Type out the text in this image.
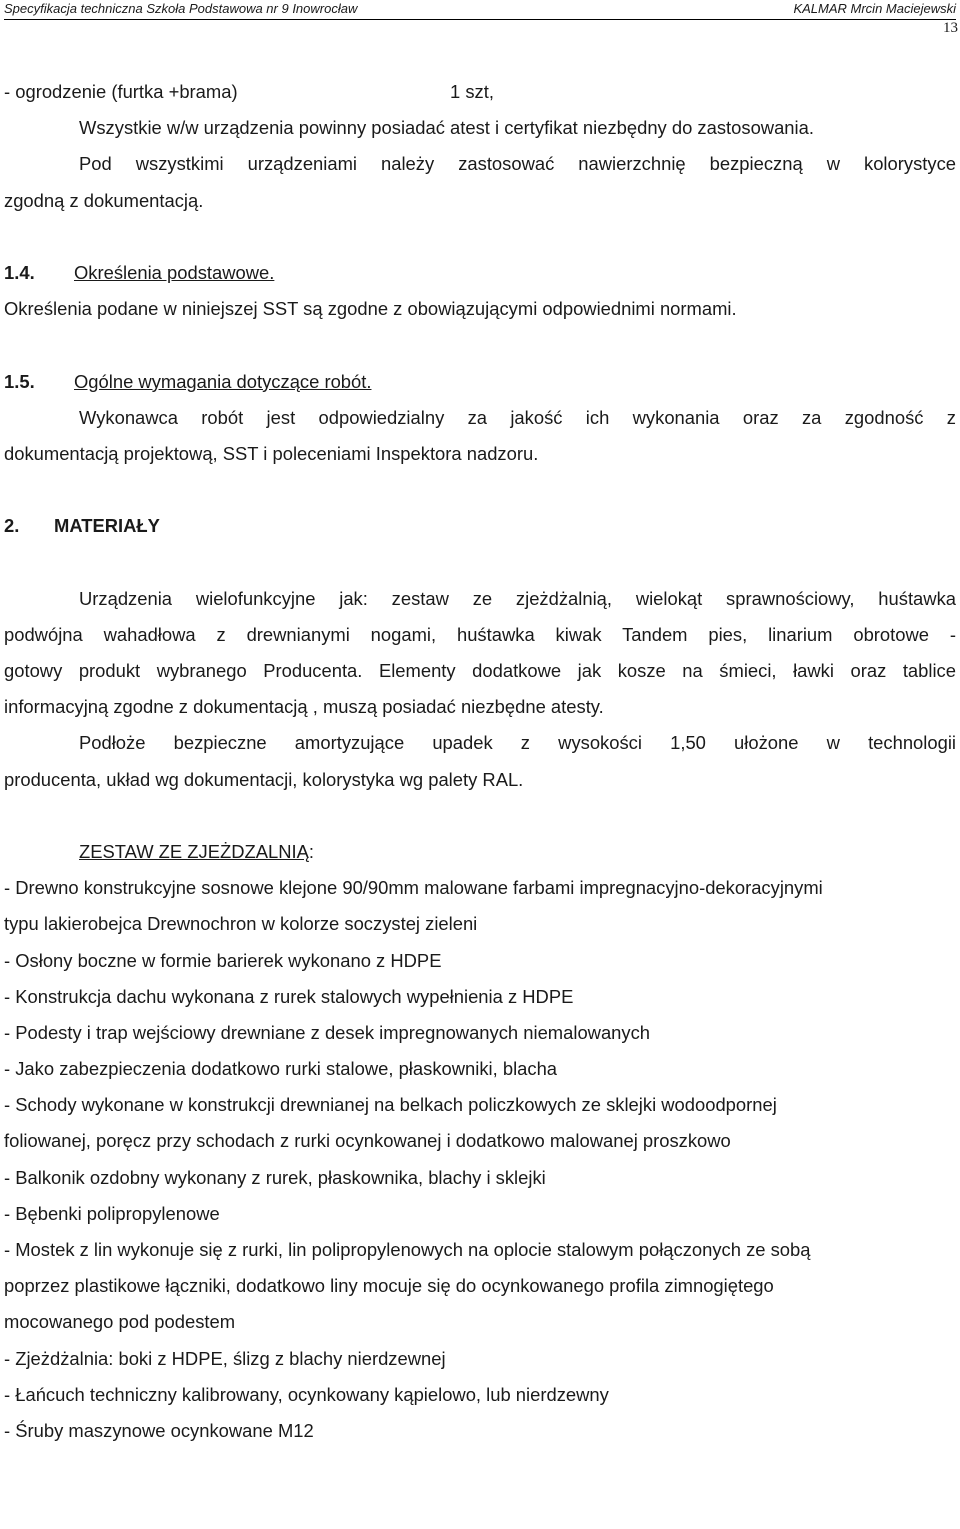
Specyfikacja techniczna Szkoła Podstawowa nr 9 Inowrocław	KALMAR Mrcin Maciejewski
13
- ogrodzenie (furtka +brama)	1 szt,
Wszystkie w/w urządzenia powinny posiadać atest i certyfikat niezbędny do zastosowania.
Pod wszystkimi urządzeniami należy zastosować nawierzchnię bezpieczną w kolorystyce
zgodną z dokumentacją.
1.4.	Określenia podstawowe.
Określenia podane w niniejszej SST są zgodne z obowiązującymi odpowiednimi normami.
1.5.	Ogólne wymagania dotyczące robót.
Wykonawca robót jest odpowiedzialny za jakość ich wykonania oraz za zgodność z
dokumentacją projektową, SST i poleceniami Inspektora nadzoru.
2.	MATERIAŁY
Urządzenia wielofunkcyjne jak: zestaw ze zjeżdżalnią, wielokąt sprawnościowy, huśtawka
podwójna wahadłowa z drewnianymi nogami, huśtawka kiwak Tandem pies, linarium obrotowe -
gotowy produkt wybranego Producenta. Elementy dodatkowe jak kosze na śmieci, ławki oraz tablice
informacyjną zgodne z dokumentacją , muszą posiadać niezbędne atesty.
Podłoże bezpieczne amortyzujące upadek z wysokości 1,50 ułożone w technologii
producenta, układ wg dokumentacji, kolorystyka wg palety RAL.
ZESTAW ZE ZJEŻDZALNIĄ:
- Drewno konstrukcyjne sosnowe klejone 90/90mm malowane farbami impregnacyjno-dekoracyjnymi
typu lakierobejca Drewnochron w kolorze soczystej zieleni
- Osłony boczne w formie barierek wykonano z HDPE
- Konstrukcja dachu wykonana z rurek stalowych wypełnienia z HDPE
- Podesty i trap wejściowy drewniane z desek impregnowanych niemalowanych
- Jako zabezpieczenia dodatkowo rurki stalowe, płaskowniki, blacha
- Schody wykonane w konstrukcji drewnianej na belkach policzkowych ze sklejki wodoodpornej
foliowanej, poręcz przy schodach z rurki ocynkowanej i dodatkowo malowanej proszkowo
- Balkonik ozdobny wykonany z rurek, płaskownika, blachy i sklejki
- Bębenki polipropylenowe
- Mostek z lin wykonuje się z rurki, lin polipropylenowych na oplocie stalowym połączonych ze sobą
poprzez plastikowe łączniki, dodatkowo liny mocuje się do ocynkowanego profila zimnogiętego
mocowanego pod podestem
- Zjeżdżalnia: boki z HDPE, ślizg z blachy nierdzewnej
- Łańcuch techniczny kalibrowany, ocynkowany kąpielowo, lub nierdzewny
- Śruby maszynowe ocynkowane M12
